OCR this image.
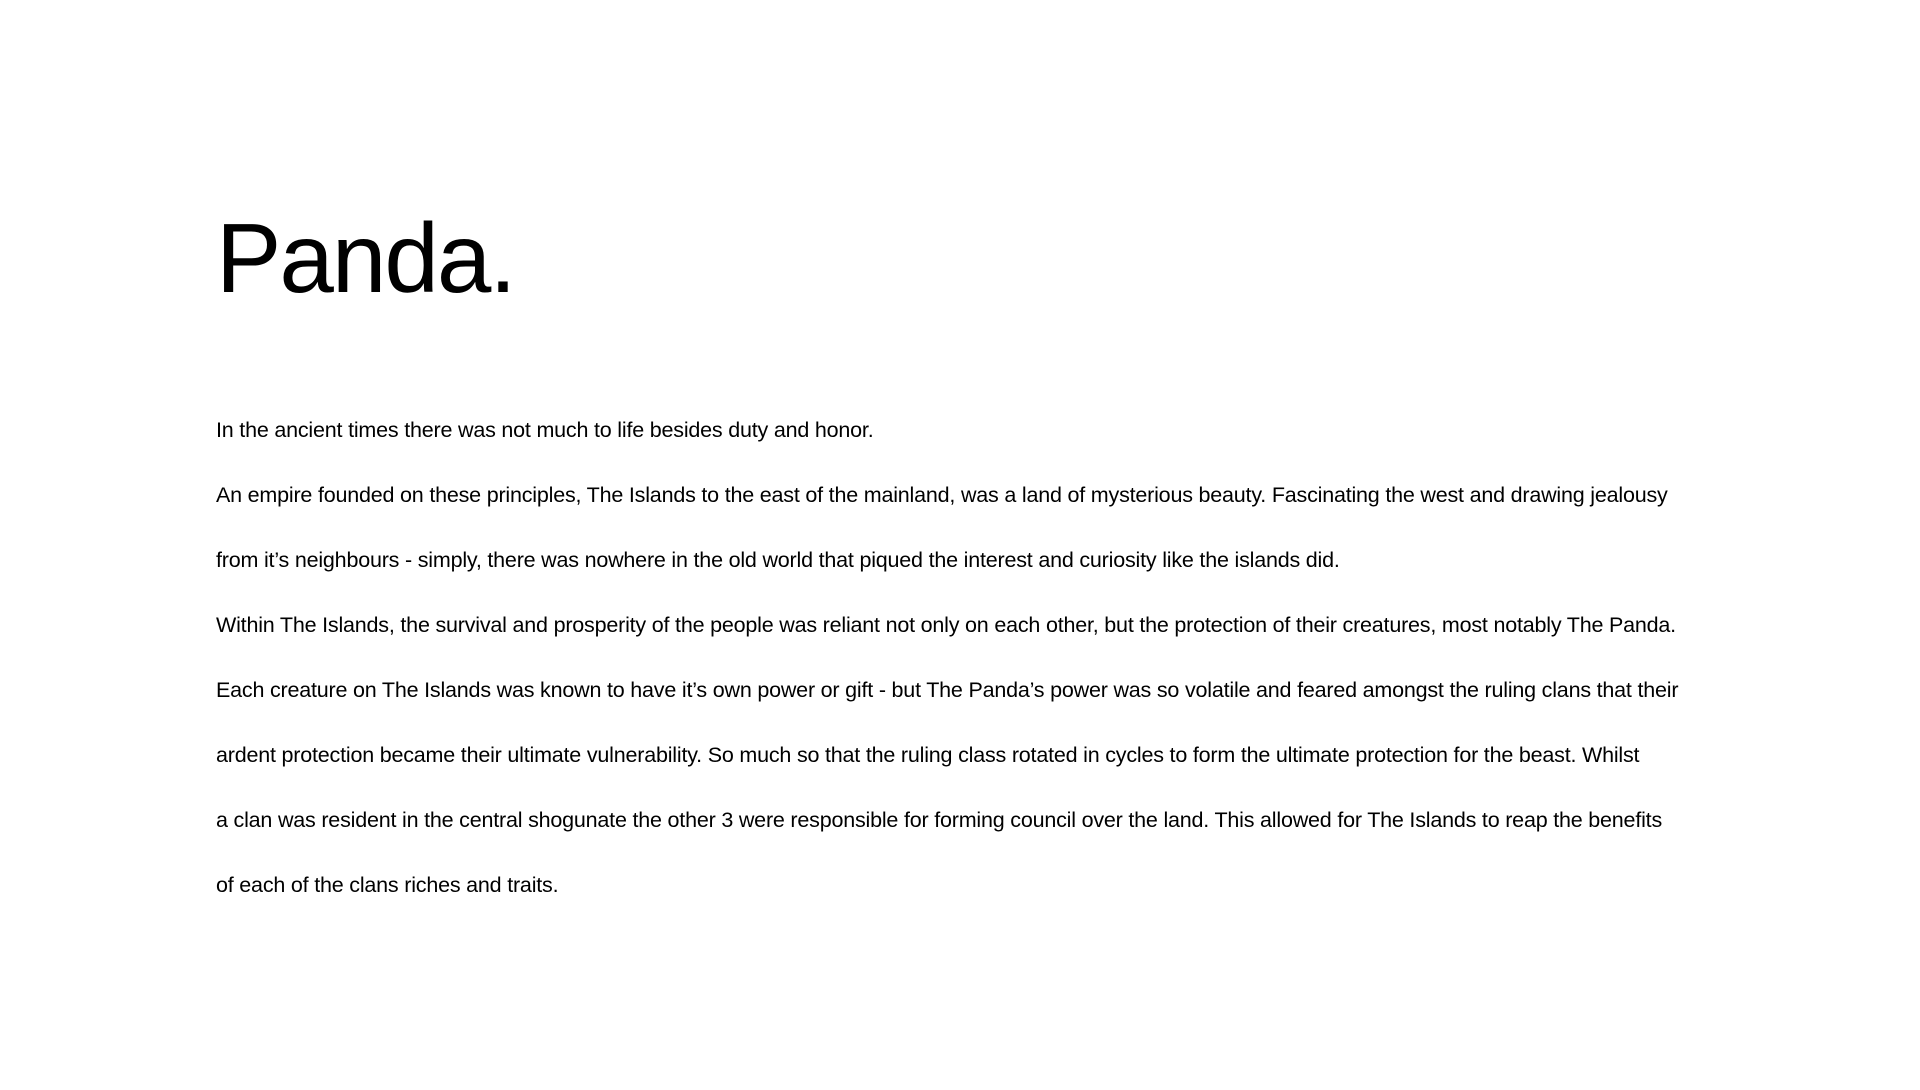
Panda.

In the ancient times there was not much to life besides duty and honor.

An empire founded on these principles, The Islands to the east of the mainland, was a land of mysterious beauty. Fascinating the west and drawing jealousy

from it’s neighbours - simply, there was nowhere in the old world that piqued the interest and curiosity like the islands did.

Within The Islands, the survival and prosperity of the people was reliant not only on each other, but the protection of their creatures, most notably The Panda.

Each creature on The Islands was known to have it’s own power or gift - but The Panda’s power was so volatile and feared amongst the ruling clans that their

ardent protection became their ultimate vulnerability. So much so that the ruling class rotated in cycles to form the ultimate protection for the beast. Whilst

a clan was resident in the central shogunate the other 3 were responsible for forming council over the land. This allowed for The Islands to reap the benefits

of each of the clans riches and traits.
